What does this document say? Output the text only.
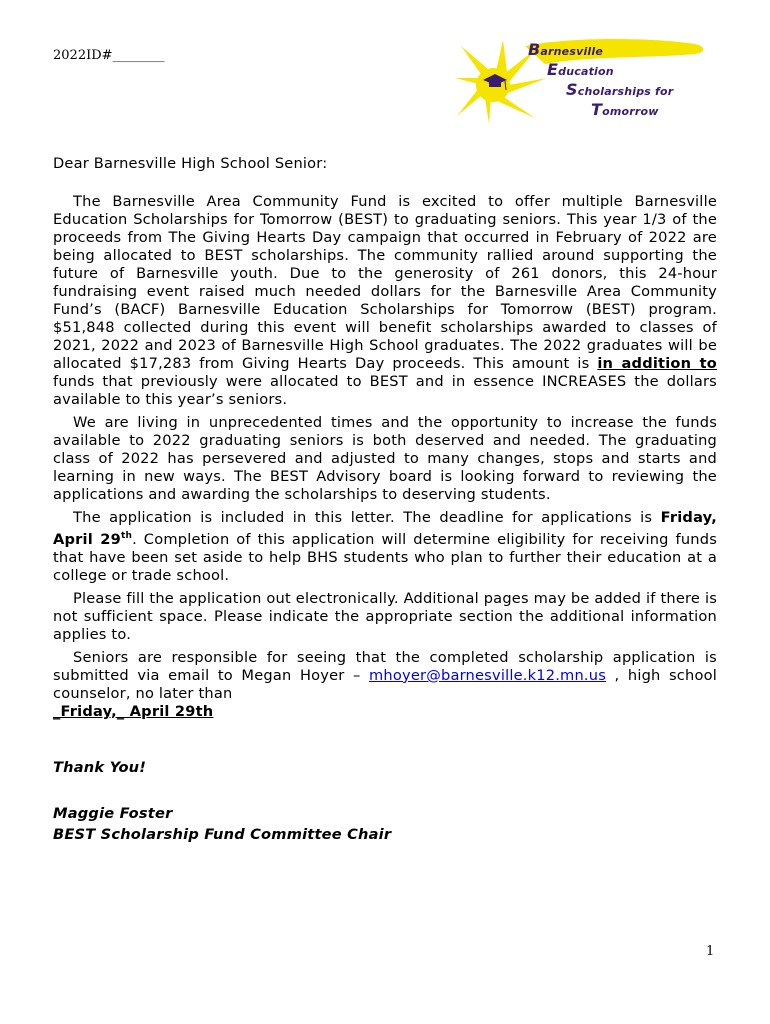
2022ID#________	Barnesville
Education
Scholarships for
Tomorrow

Dear Barnesville High School Senior:

The Barnesville Area Community Fund is excited to offer multiple Barnesville Education Scholarships for Tomorrow (BEST) to graduating seniors. This year 1/3 of the proceeds from The Giving Hearts Day campaign that occurred in February of 2022 are being allocated to BEST scholarships. The community rallied around supporting the future of Barnesville youth. Due to the generosity of 261 donors, this 24-hour fundraising event raised much needed dollars for the Barnesville Area Community Fund’s (BACF) Barnesville Education Scholarships for Tomorrow (BEST) program. $51,848 collected during this event will benefit scholarships awarded to classes of 2021, 2022 and 2023 of Barnesville High School graduates. The 2022 graduates will be allocated $17,283 from Giving Hearts Day proceeds. This amount is in addition to funds that previously were allocated to BEST and in essence INCREASES the dollars available to this year’s seniors.

We are living in unprecedented times and the opportunity to increase the funds available to 2022 graduating seniors is both deserved and needed. The graduating class of 2022 has persevered and adjusted to many changes, stops and starts and learning in new ways. The BEST Advisory board is looking forward to reviewing the applications and awarding the scholarships to deserving students.

The application is included in this letter. The deadline for applications is Friday, April 29th. Completion of this application will determine eligibility for receiving funds that have been set aside to help BHS students who plan to further their education at a college or trade school.

Please fill the application out electronically. Additional pages may be added if there is not sufficient space. Please indicate the appropriate section the additional information applies to.

Seniors are responsible for seeing that the completed scholarship application is submitted via email to Megan Hoyer – mhoyer@barnesville.k12.mn.us , high school counselor, no later than

_Friday,_ April 29th
Thank You!
Maggie Foster
BEST Scholarship Fund Committee Chair
1
